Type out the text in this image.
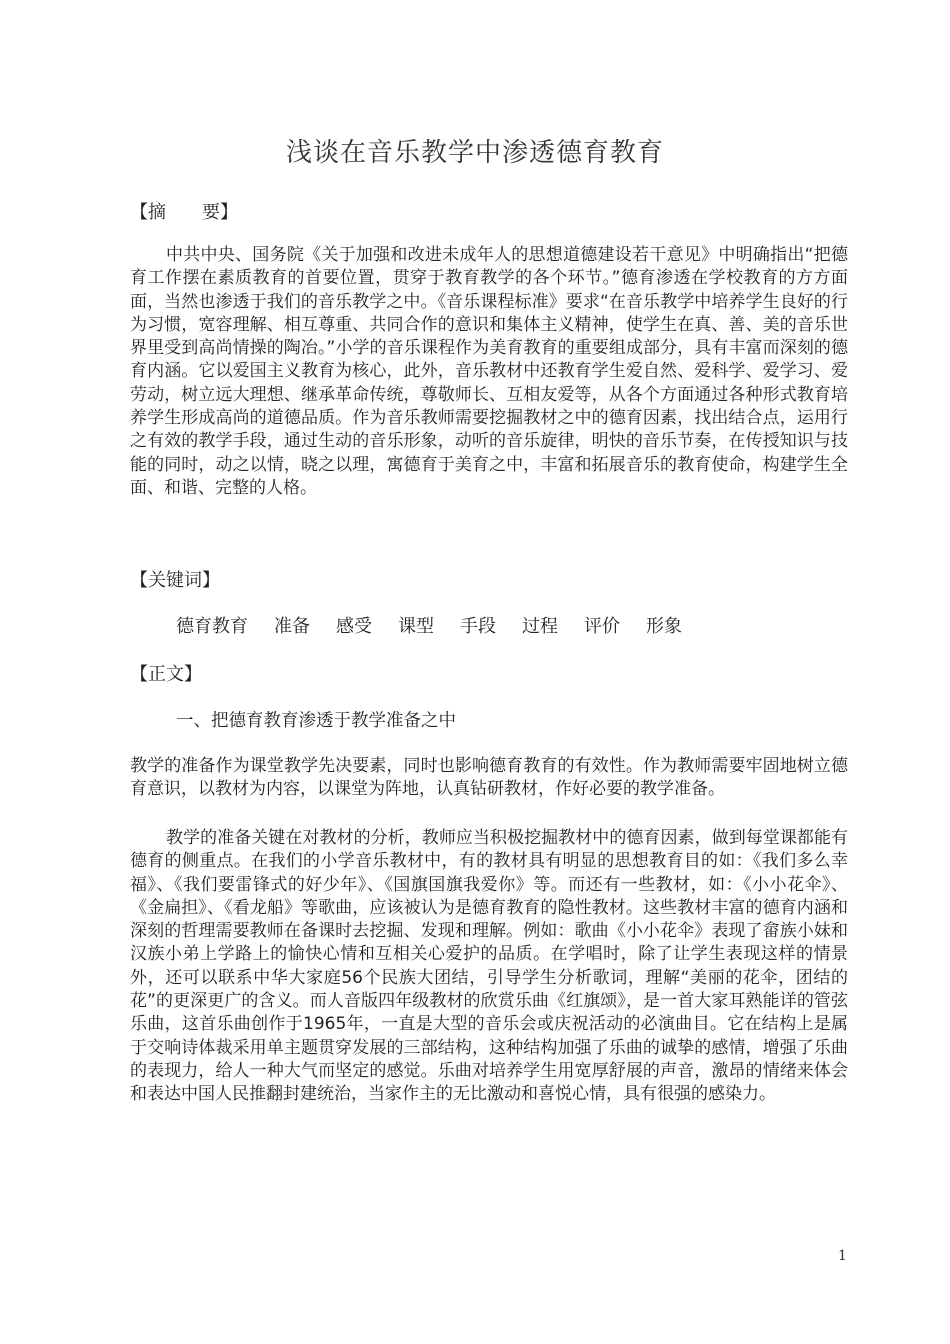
浅谈在音乐教学中渗透德育教育
【摘　　要】

中共中央、国务院《关于加强和改进未成年人的思想道德建设若干意见》中明确指出“把德育工作摆在素质教育的首要位置，贯穿于教育教学的各个环节。”德育渗透在学校教育的方方面面，当然也渗透于我们的音乐教学之中。《音乐课程标准》要求“在音乐教学中培养学生良好的行为习惯，宽容理解、相互尊重、共同合作的意识和集体主义精神，使学生在真、善、美的音乐世界里受到高尚情操的陶冶。”小学的音乐课程作为美育教育的重要组成部分，具有丰富而深刻的德育内涵。它以爱国主义教育为核心，此外，音乐教材中还教育学生爱自然、爱科学、爱学习、爱劳动，树立远大理想、继承革命传统，尊敬师长、互相友爱等，从各个方面通过各种形式教育培养学生形成高尚的道德品质。作为音乐教师需要挖掘教材之中的德育因素，找出结合点，运用行之有效的教学手段，通过生动的音乐形象，动听的音乐旋律，明快的音乐节奏，在传授知识与技能的同时，动之以情，晓之以理，寓德育于美育之中，丰富和拓展音乐的教育使命，构建学生全面、和谐、完整的人格。

【关键词】
德育教育 准备 感受 课型 手段 过程 评价 形象
【正文】
一、把德育教育渗透于教学准备之中

教学的准备作为课堂教学先决要素，同时也影响德育教育的有效性。作为教师需要牢固地树立德育意识，以教材为内容，以课堂为阵地，认真钻研教材，作好必要的教学准备。

教学的准备关键在对教材的分析，教师应当积极挖掘教材中的德育因素，做到每堂课都能有德育的侧重点。在我们的小学音乐教材中，有的教材具有明显的思想教育目的如：《我们多么幸福》、《我们要雷锋式的好少年》、《国旗国旗我爱你》等。而还有一些教材，如：《小小花伞》、《金扁担》、《看龙船》等歌曲，应该被认为是德育教育的隐性教材。这些教材丰富的德育内涵和深刻的哲理需要教师在备课时去挖掘、发现和理解。例如：歌曲《小小花伞》表现了畲族小妹和汉族小弟上学路上的愉快心情和互相关心爱护的品质。在学唱时，除了让学生表现这样的情景外，还可以联系中华大家庭56个民族大团结，引导学生分析歌词，理解“美丽的花伞，团结的花”的更深更广的含义。而人音版四年级教材的欣赏乐曲《红旗颂》，是一首大家耳熟能详的管弦乐曲，这首乐曲创作于1965年，一直是大型的音乐会或庆祝活动的必演曲目。它在结构上是属于交响诗体裁采用单主题贯穿发展的三部结构，这种结构加强了乐曲的诚挚的感情，增强了乐曲的表现力，给人一种大气而坚定的感觉。乐曲对培养学生用宽厚舒展的声音，激昂的情绪来体会和表达中国人民推翻封建统治，当家作主的无比激动和喜悦心情，具有很强的感染力。

1
